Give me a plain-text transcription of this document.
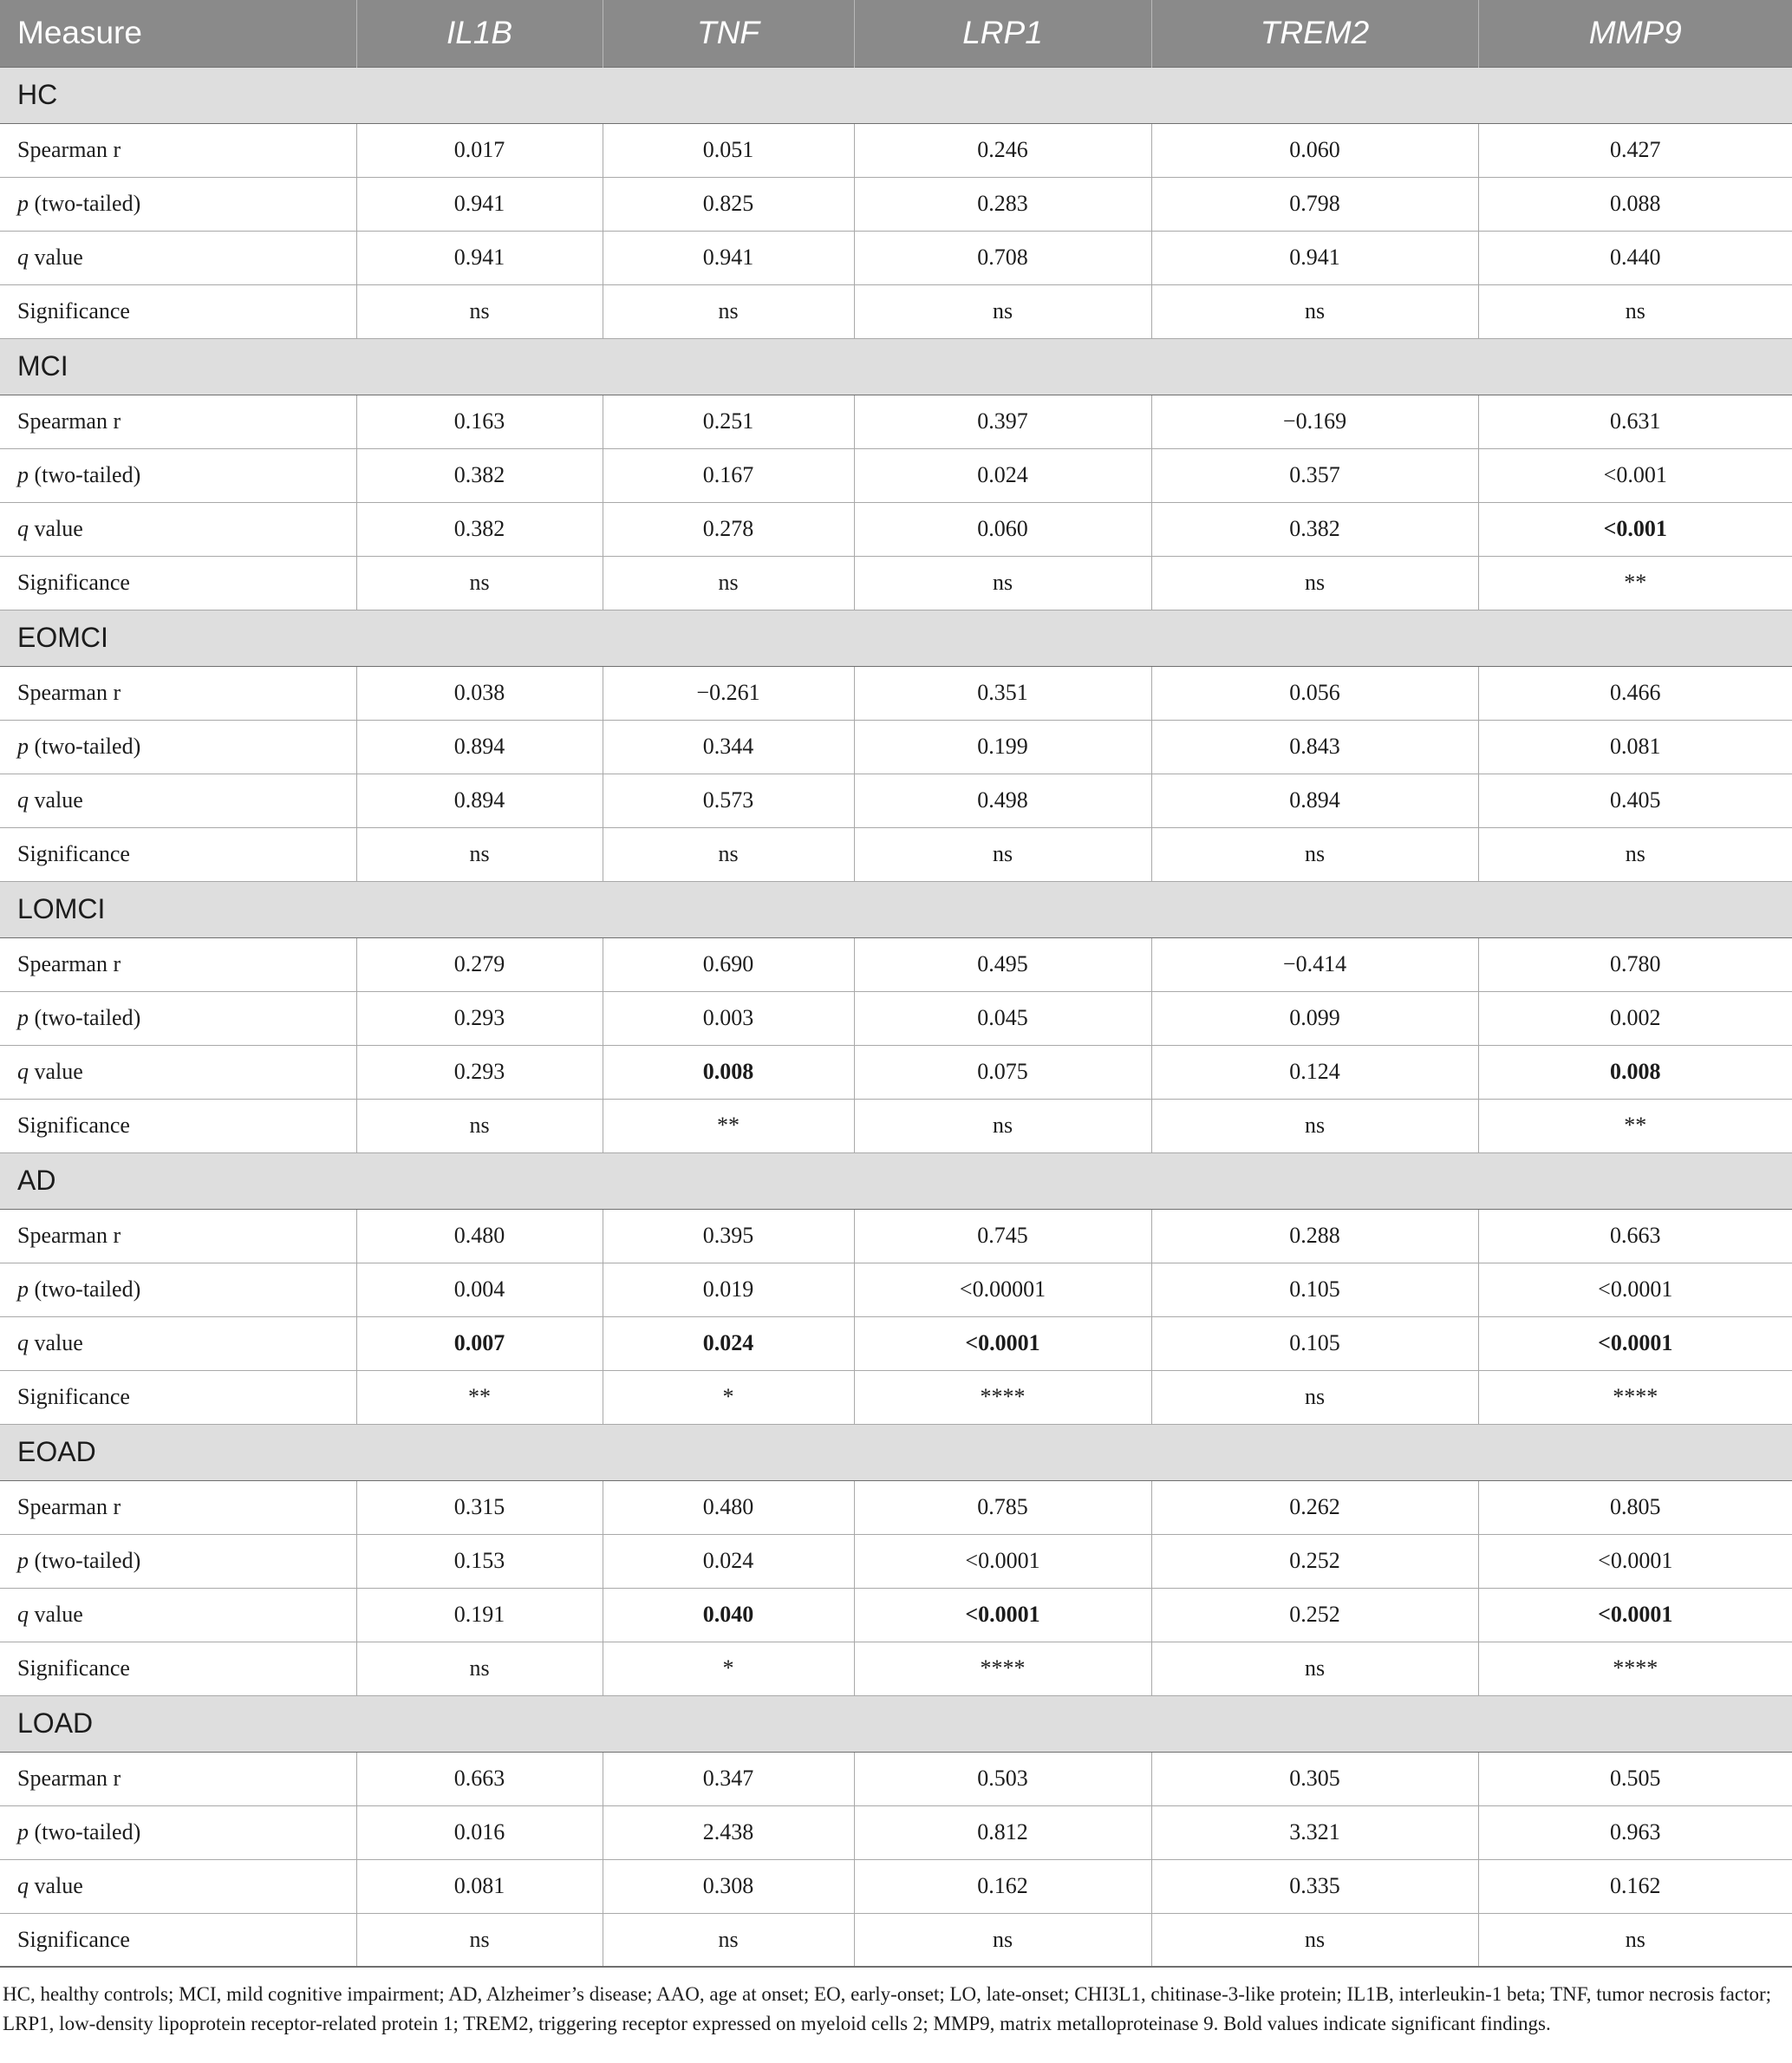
Measure	IL1B	TNF	LRP1	TREM2	MMP9
HC					
Spearman r	0.017	0.051	0.246	0.060	0.427
p (two-tailed)	0.941	0.825	0.283	0.798	0.088
q value	0.941	0.941	0.708	0.941	0.440
Significance	ns	ns	ns	ns	ns
MCI					
Spearman r	0.163	0.251	0.397	−0.169	0.631
p (two-tailed)	0.382	0.167	0.024	0.357	<0.001
q value	0.382	0.278	0.060	0.382	<0.001
Significance	ns	ns	ns	ns	**
EOMCI					
Spearman r	0.038	−0.261	0.351	0.056	0.466
p (two-tailed)	0.894	0.344	0.199	0.843	0.081
q value	0.894	0.573	0.498	0.894	0.405
Significance	ns	ns	ns	ns	ns
LOMCI					
Spearman r	0.279	0.690	0.495	−0.414	0.780
p (two-tailed)	0.293	0.003	0.045	0.099	0.002
q value	0.293	0.008	0.075	0.124	0.008
Significance	ns	**	ns	ns	**
AD					
Spearman r	0.480	0.395	0.745	0.288	0.663
p (two-tailed)	0.004	0.019	<0.00001	0.105	<0.0001
q value	0.007	0.024	<0.0001	0.105	<0.0001
Significance	**	*	****	ns	****
EOAD					
Spearman r	0.315	0.480	0.785	0.262	0.805
p (two-tailed)	0.153	0.024	<0.0001	0.252	<0.0001
q value	0.191	0.040	<0.0001	0.252	<0.0001
Significance	ns	*	****	ns	****
LOAD					
Spearman r	0.663	0.347	0.503	0.305	0.505
p (two-tailed)	0.016	2.438	0.812	3.321	0.963
q value	0.081	0.308	0.162	0.335	0.162
Significance	ns	ns	ns	ns	ns
HC, healthy controls; MCI, mild cognitive impairment; AD, Alzheimer’s disease; AAO, age at onset; EO, early-onset; LO, late-onset; CHI3L1, chitinase-3-like protein; IL1B, interleukin-1 beta; TNF, tumor necrosis factor; LRP1, low-density lipoprotein receptor-related protein 1; TREM2, triggering receptor expressed on myeloid cells 2; MMP9, matrix metalloproteinase 9. Bold values indicate significant findings.
